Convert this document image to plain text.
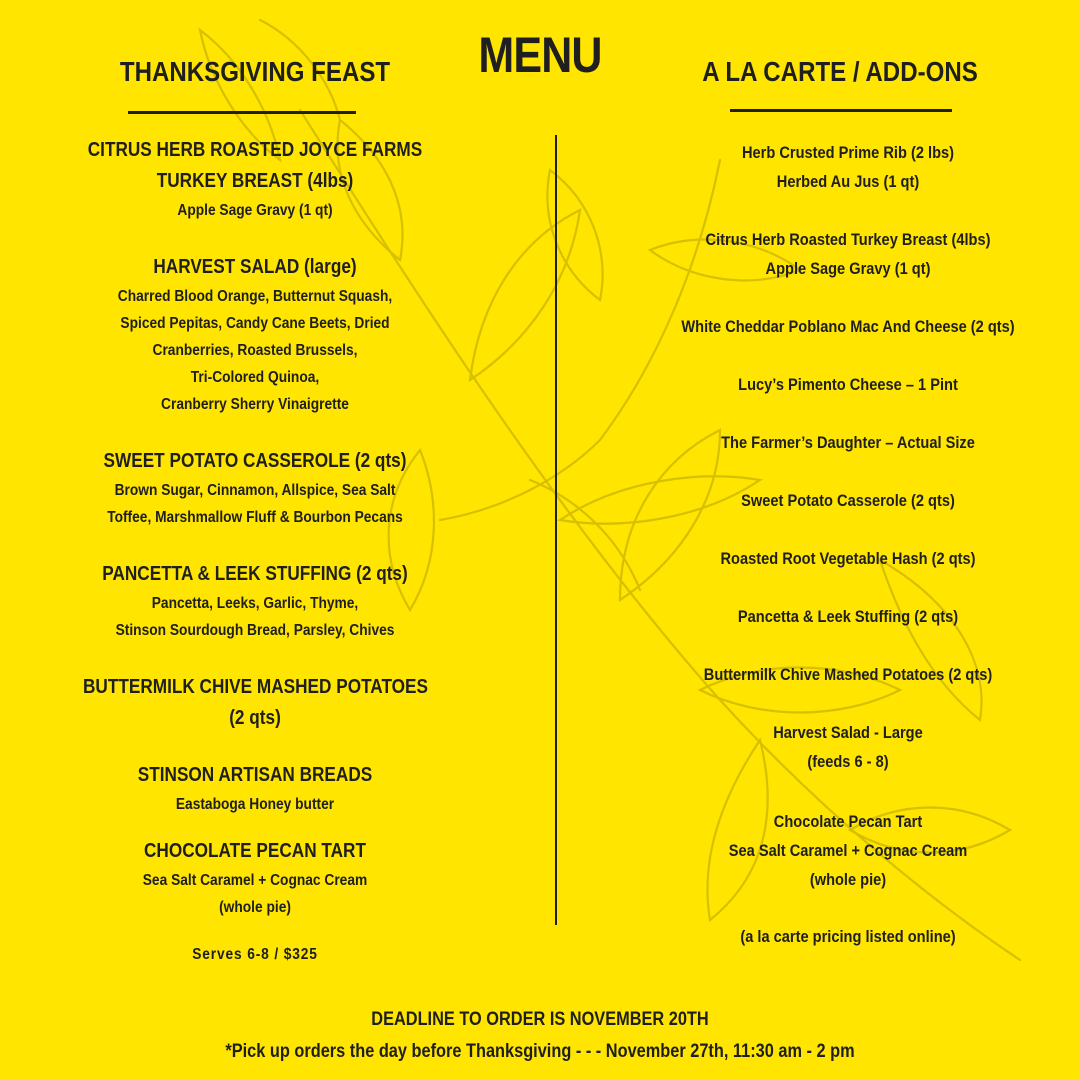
MENU
THANKSGIVING FEAST	A LA CARTE / ADD-ONS
CITRUS HERB ROASTED JOYCE FARMS
TURKEY BREAST (4lbs)
Apple Sage Gravy (1 qt)
HARVEST SALAD (large)
Charred Blood Orange, Butternut Squash,
Spiced Pepitas, Candy Cane Beets, Dried
Cranberries, Roasted Brussels,
Tri-Colored Quinoa,
Cranberry Sherry Vinaigrette
SWEET POTATO CASSEROLE (2 qts)
Brown Sugar, Cinnamon, Allspice, Sea Salt
Toffee, Marshmallow Fluff & Bourbon Pecans
PANCETTA & LEEK STUFFING (2 qts)
Pancetta, Leeks, Garlic, Thyme,
Stinson Sourdough Bread, Parsley, Chives
BUTTERMILK CHIVE MASHED POTATOES
(2 qts)
STINSON ARTISAN BREADS
Eastaboga Honey butter
CHOCOLATE PECAN TART
Sea Salt Caramel + Cognac Cream
(whole pie)
Serves 6-8 / $325
Herb Crusted Prime Rib (2 lbs)
Herbed Au Jus (1 qt)
Citrus Herb Roasted Turkey Breast (4lbs)
Apple Sage Gravy (1 qt)
White Cheddar Poblano Mac And Cheese (2 qts)
Lucy’s Pimento Cheese – 1 Pint
The Farmer’s Daughter – Actual Size
Sweet Potato Casserole (2 qts)
Roasted Root Vegetable Hash (2 qts)
Pancetta & Leek Stuffing (2 qts)
Buttermilk Chive Mashed Potatoes (2 qts)
Harvest Salad - Large
(feeds 6 - 8)
Chocolate Pecan Tart
Sea Salt Caramel + Cognac Cream
(whole pie)
(a la carte pricing listed online)
DEADLINE TO ORDER IS NOVEMBER 20TH
*Pick up orders the day before Thanksgiving - - - November 27th, 11:30 am - 2 pm
